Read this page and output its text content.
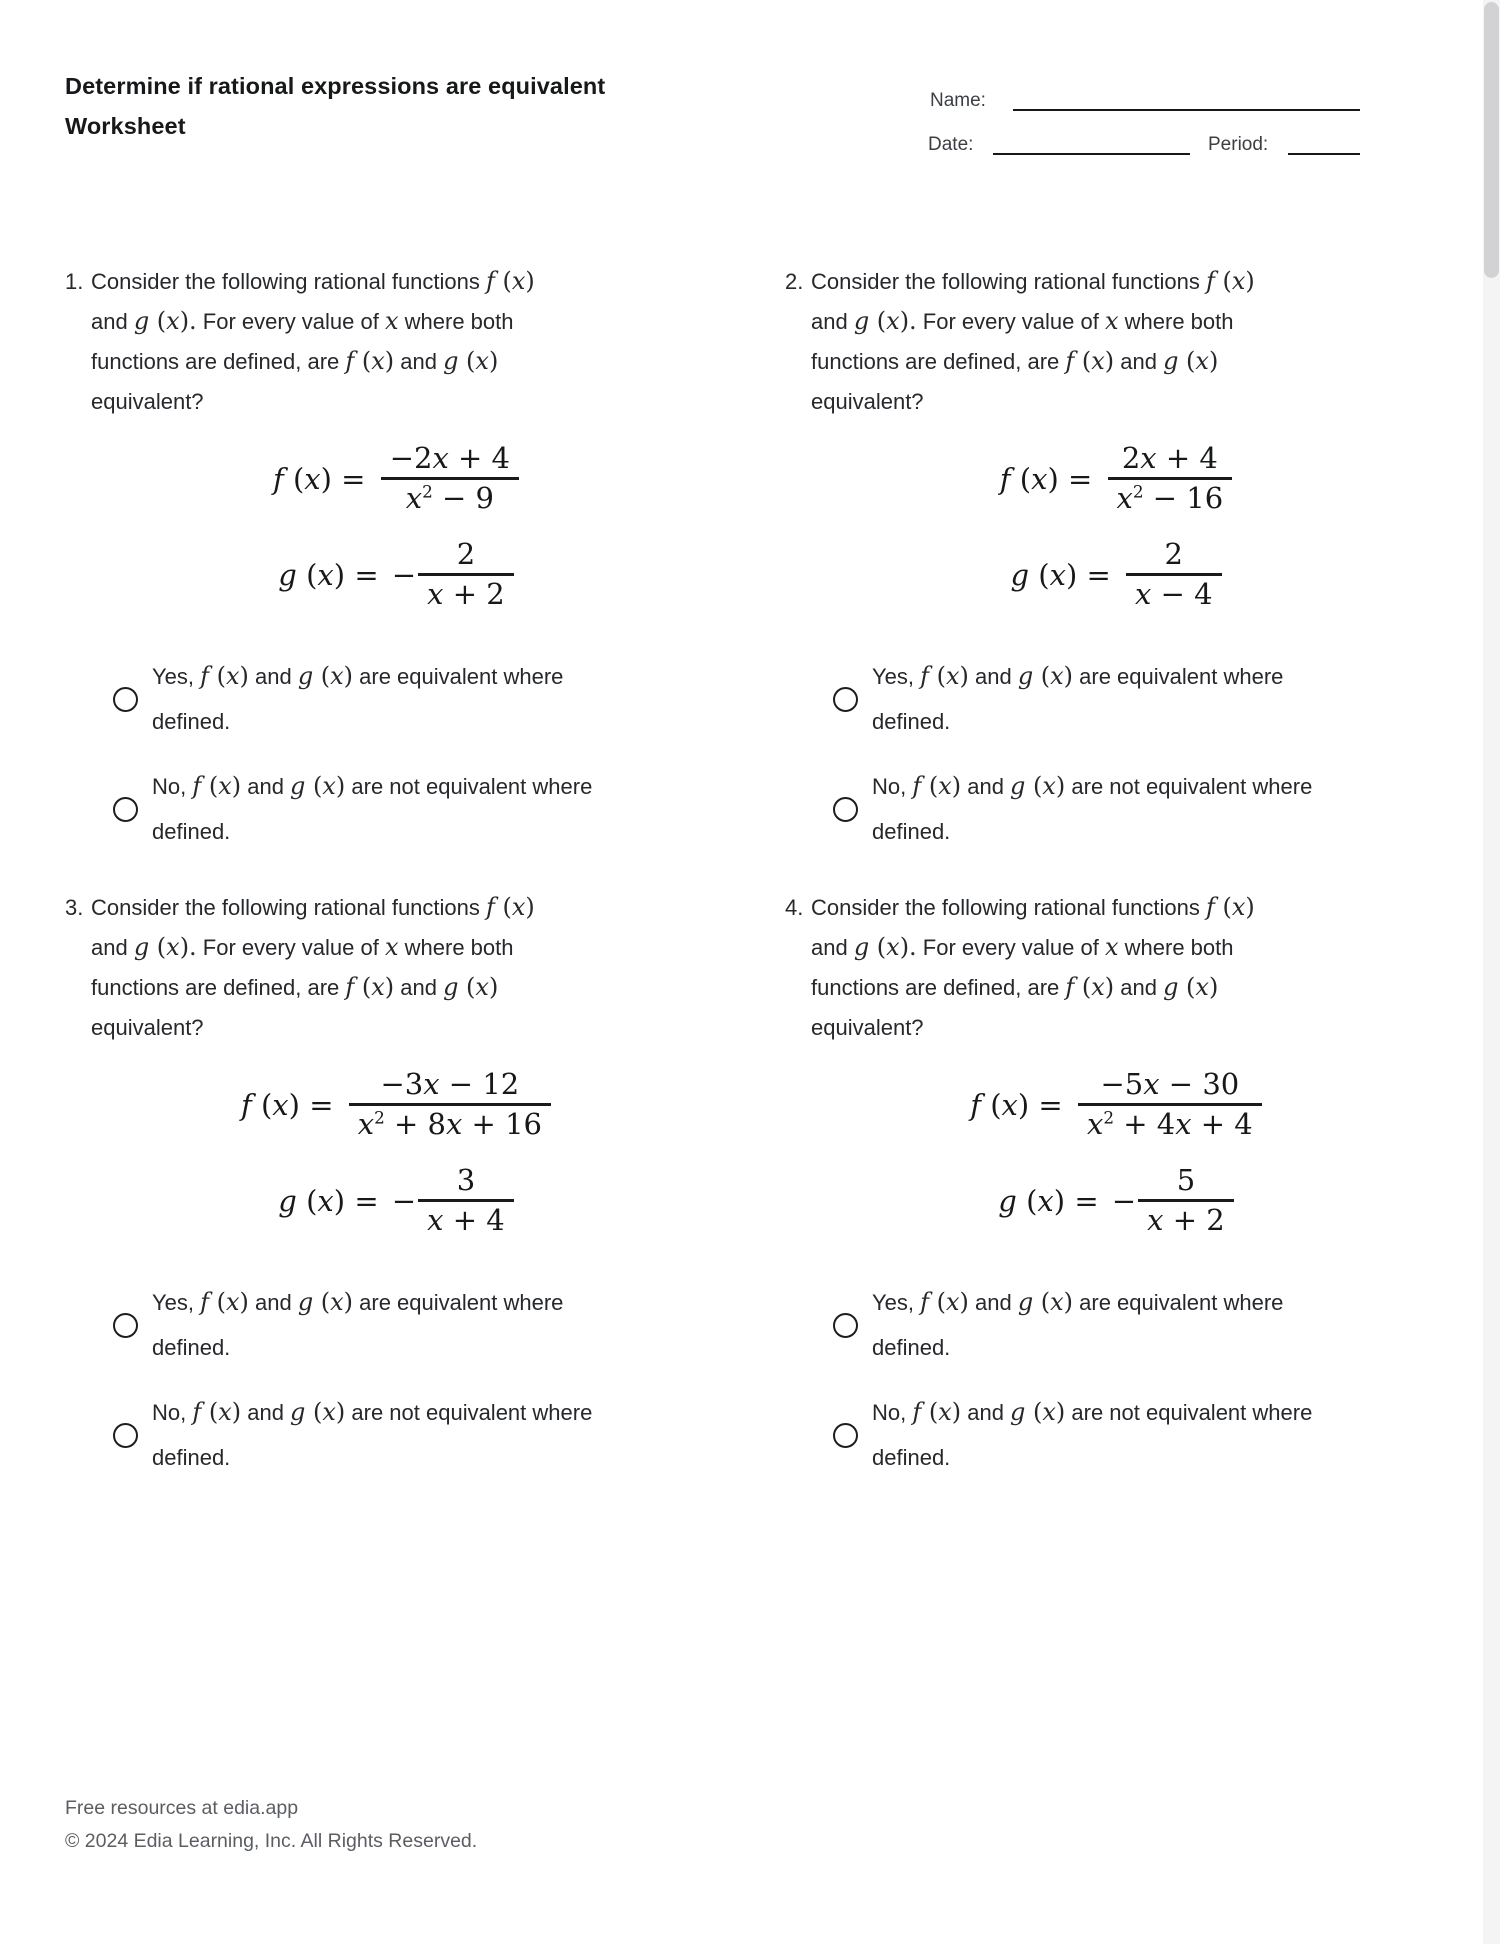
Determine if rational expressions are equivalent
Worksheet
Name:
Date:	Period:
1. Consider the following rational functions f (x)
and g (x). For every value of x where both
functions are defined, are f (x) and g (x)
equivalent?
f $(x) = \frac{-2x + 4}{x^2 - 9}$
g (x) = − $\frac{2}{x + 2}$
Yes, f (x) and g (x) are equivalent where
defined.
No, f (x) and g (x) are not equivalent where
defined.
2. Consider the following rational functions f (x)
and g (x). For every value of x where both
functions are defined, are f (x) and g (x)
equivalent?
f $(x) = \frac{2x + 4}{x^2 - 16}$
g $(x) = \frac{2}{x - 4}$
Yes, f (x) and g (x) are equivalent where
defined.
No, f (x) and g (x) are not equivalent where
defined.
3. Consider the following rational functions f (x)
and g (x). For every value of x where both
functions are defined, are f (x) and g (x)
equivalent?
f $(x) = \frac{-3x - 12}{x^2 + 8x + 16}$
g (x) = − $\frac{3}{x + 4}$
Yes, f (x) and g (x) are equivalent where
defined.
No, f (x) and g (x) are not equivalent where
defined.
4. Consider the following rational functions f (x)
and g (x). For every value of x where both
functions are defined, are f (x) and g (x)
equivalent?
f $(x) = \frac{-5x - 30}{x^2 + 4x + 4}$
g (x) = − $\frac{5}{x + 2}$
Yes, f (x) and g (x) are equivalent where
defined.
No, f (x) and g (x) are not equivalent where
defined.
Free resources at edia.app
© 2024 Edia Learning, Inc. All Rights Reserved.
